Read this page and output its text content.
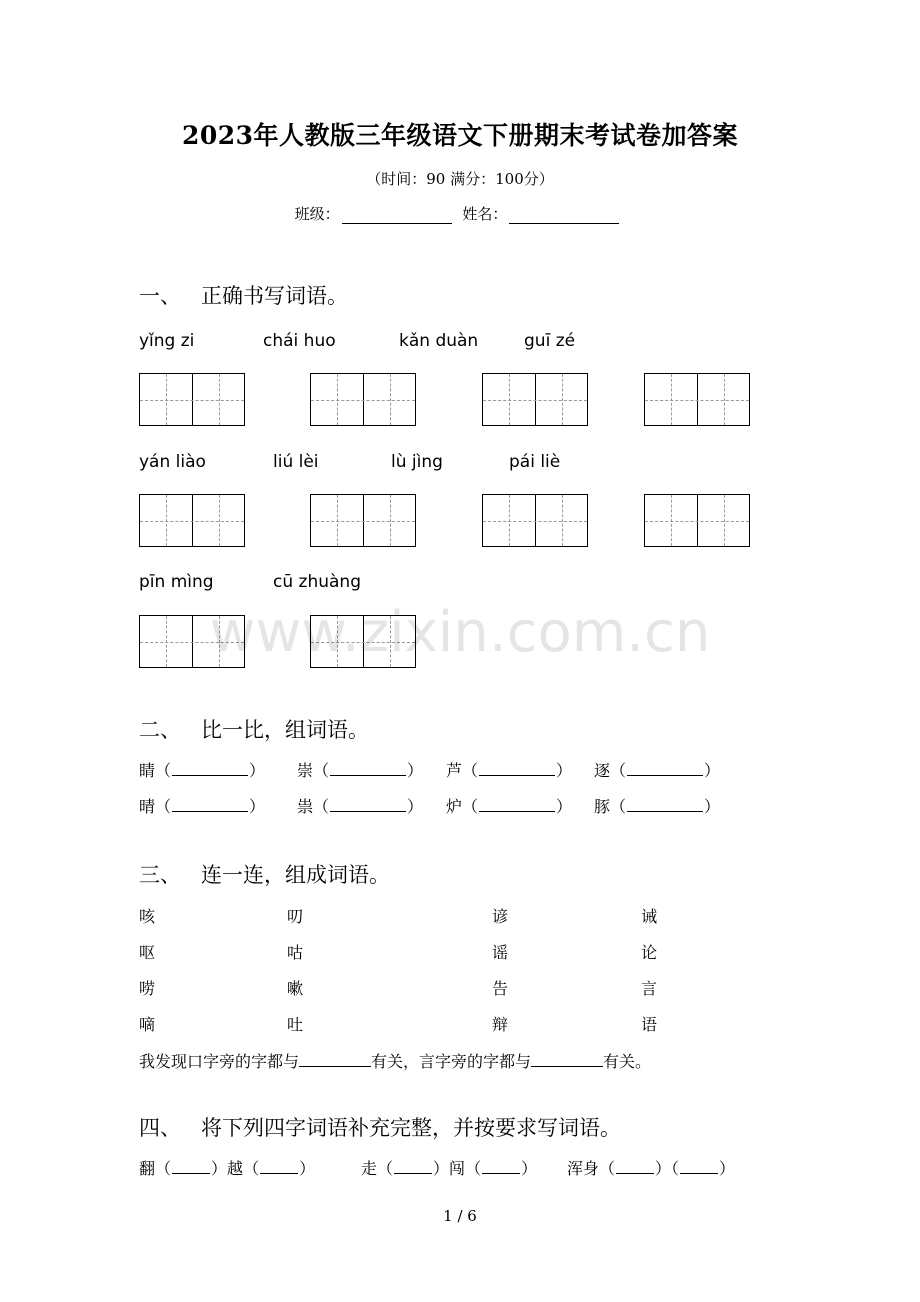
2023年人教版三年级语文下册期末考试卷加答案
（时间：90 满分：100分）
班级：	姓名：
一、 正确书写词语。
yǐng zi	chái huo	kǎn duàn	guī zé
yán liào	liú lèi	lù jìng	pái liè
pīn mìng	cū zhuàng
www.zixin.com.cn
二、 比一比，组词语。
睛（	） 崇（	） 芦（	） 逐（	）
晴（	） 祟（	） 炉（	） 豚（	）
三、 连一连，组成词语。
咳	叨	谚	诫
呕	咕	谣	论
唠	嗽	告	言
嘀	吐	辩	语
我发现口字旁的字都与	有关，言字旁的字都与	有关。
四、 将下列四字词语补充完整，并按要求写词语。
翻（	）越（	）	走（	）闯（	） 浑身（	）（	）
1 / 6
